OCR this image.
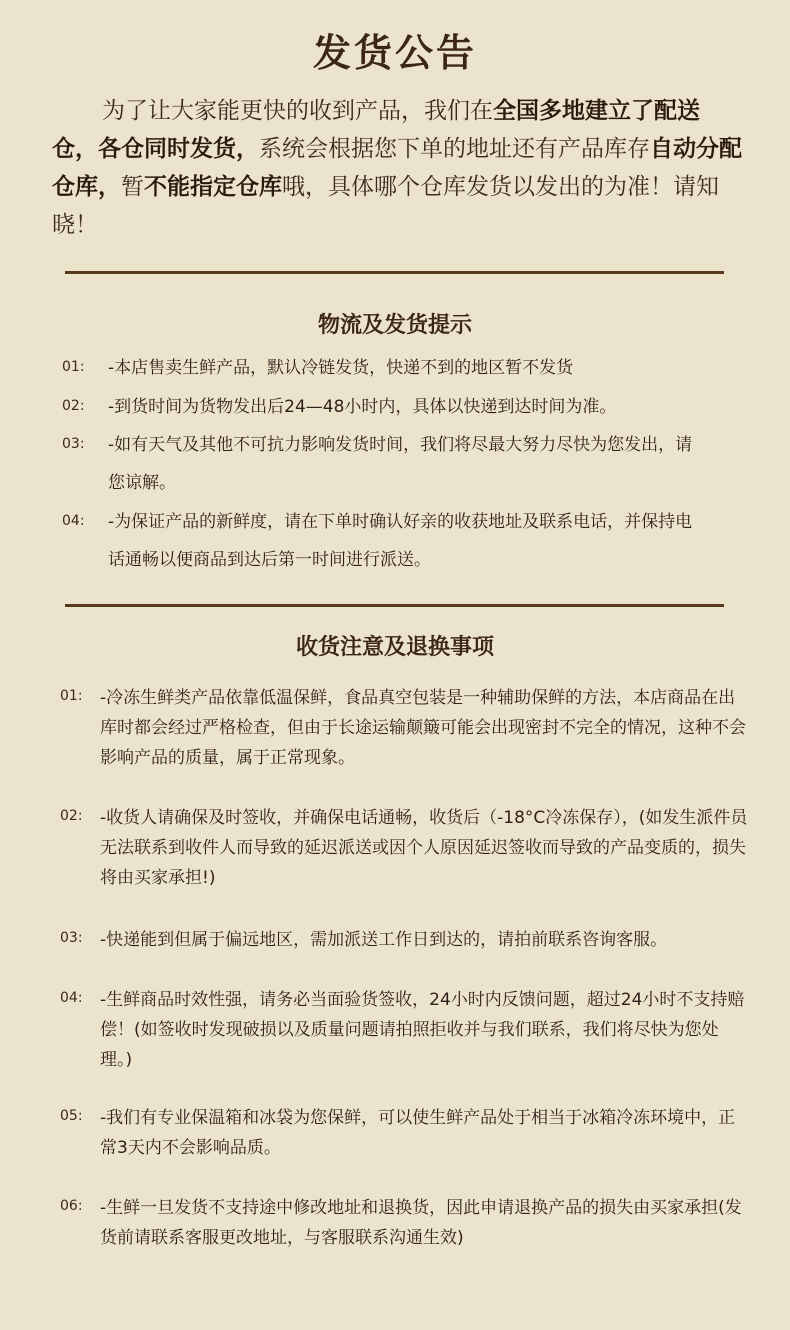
发货公告
为了让大家能更快的收到产品，我们在全国多地建立了配送仓，各仓同时发货，系统会根据您下单的地址还有产品库存自动分配仓库，暂不能指定仓库哦，具体哪个仓库发货以发出的为准！请知晓！
物流及发货提示
01: -本店售卖生鲜产品，默认冷链发货，快递不到的地区暂不发货
02: -到货时间为货物发出后24—48小时内，具体以快递到达时间为准。
03: -如有天气及其他不可抗力影响发货时间，我们将尽最大努力尽快为您发出，请您谅解。
04: -为保证产品的新鲜度，请在下单时确认好亲的收获地址及联系电话，并保持电话通畅以便商品到达后第一时间进行派送。
收货注意及退换事项
01: -冷冻生鲜类产品依靠低温保鲜，食品真空包装是一种辅助保鲜的方法，本店商品在出库时都会经过严格检查，但由于长途运输颠簸可能会出现密封不完全的情况，这种不会影响产品的质量，属于正常现象。
02: -收货人请确保及时签收，并确保电话通畅，收货后（-18°C冷冻保存），(如发生派件员无法联系到收件人而导致的延迟派送或因个人原因延迟签收而导致的产品变质的，损失将由买家承担!)
03: -快递能到但属于偏远地区，需加派送工作日到达的，请拍前联系咨询客服。
04: -生鲜商品时效性强，请务必当面验货签收，24小时内反馈问题，超过24小时不支持赔偿！(如签收时发现破损以及质量问题请拍照拒收并与我们联系，我们将尽快为您处理。)
05: -我们有专业保温箱和冰袋为您保鲜，可以使生鲜产品处于相当于冰箱冷冻环境中，正常3天内不会影响品质。
06: -生鲜一旦发货不支持途中修改地址和退换货，因此申请退换产品的损失由买家承担(发货前请联系客服更改地址，与客服联系沟通生效)
